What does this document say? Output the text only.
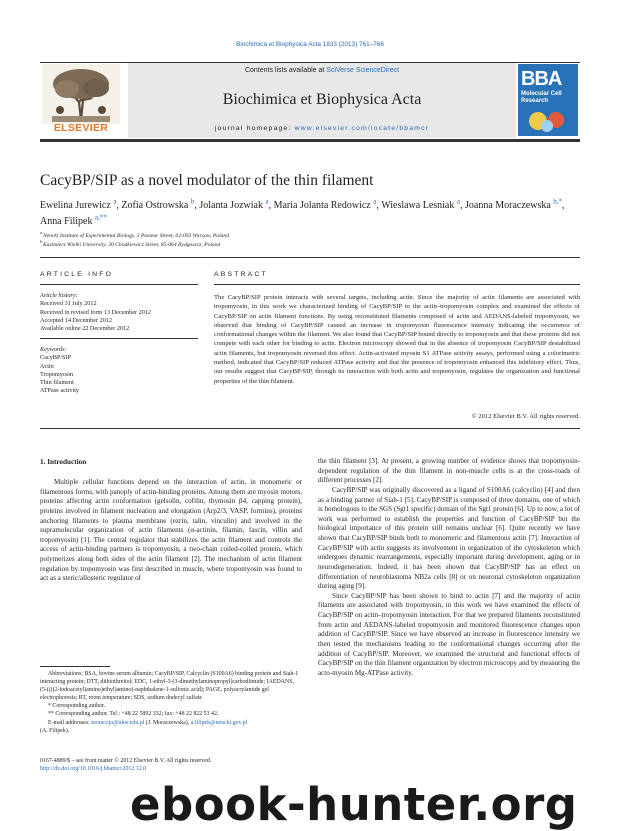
Biochimica et Biophysica Acta 1833 (2013) 761–766
ELSEVIER
Contents lists available at SciVerse ScienceDirect
Biochimica et Biophysica Acta
journal homepage: www.elsevier.com/locate/bbamcr
BBA
Molecular Cell Research
CacyBP/SIP as a novel modulator of the thin filament
Ewelina Jurewicz $^a$, Zofia Ostrowska $^b$, Jolanta Jozwiak $^a$, Maria Jolanta Redowicz $^a$, Wieslawa Lesniak $^a$, Joanna Moraczewska $^{b,*}$, Anna Filipek $^{a,**}$
$^a$ Nencki Institute of Experimental Biology, 3 Pasteur Street, 02-093 Warsaw, Poland
$^b$ Kazimierz Wielki University, 30 Chodkiewicz Street, 85-064 Bydgoszcz, Poland
ARTICLE INFO	ABSTRACT
Article history:
Received 31 July 2012
Received in revised form 13 December 2012
Accepted 14 December 2012
Available online 22 December 2012
Keywords:
CacyBP/SIP
Actin
Tropomyosin
Thin filament
ATPase activity
The CacyBP/SIP protein interacts with several targets, including actin. Since the majority of actin filaments are associated with tropomyosin, in this work we characterized binding of CacyBP/SIP to the actin–tropomyosin complex and examined the effects of CacyBP/SIP on actin filament functions. By using reconstituted filaments composed of actin and AEDANS-labeled tropomyosin, we observed that binding of CacyBP/SIP caused an increase in tropomyosin fluorescence intensity indicating the occurrence of conformational changes within the filament. We also found that CacyBP/SIP bound directly to tropomyosin and that these proteins did not compete with each other for binding to actin. Electron microscopy showed that in the absence of tropomyosin CacyBP/SIP destabilized actin filaments, but tropomyosin reversed this effect. Actin-activated myosin S1 ATPase activity assays, performed using a colorimetric method, indicated that CacyBP/SIP reduced ATPase activity and that the presence of tropomyosin enhanced this inhibitory effect. Thus, our results suggest that CacyBP/SIP, through its interaction with both actin and tropomyosin, regulates the organization and functional properties of the thin filament.
© 2012 Elsevier B.V. All rights reserved.
1. Introduction

Multiple cellular functions depend on the interaction of actin, in monomeric or filamentous forms, with panoply of actin-binding proteins. Among them are myosin motors, proteins affecting actin conformation (gelsolin, cofilin, thymosin β4, capping protein), proteins involved in filament nucleation and elongation (Arp2/3, VASP, formins), proteins anchoring filaments to plasma membrane (ezrin, talin, vinculin) and involved in the supramolecular organization of actin filaments (α-actinin, filamin, fascin, villin and tropomyosin) [1]. The central regulator that stabilizes the actin filament and controls the access of actin-binding partners is tropomyosin, a two-chain coiled-coiled protein, which polymerizes along both sides of the actin filament [2]. The mechanism of actin filament regulation by tropomyosin was first described in muscle, where tropomyosin was found to act as a steric/allosteric regulator of

the thin filament [3]. At present, a growing number of evidence shows that tropomyosin-dependent regulation of the thin filament in non-muscle cells is at the cross-roads of different processes [2].

CacyBP/SIP was originally discovered as a ligand of S100A6 (calcyclin) [4] and then as a binding partner of Siah-1 [5]. CacyBP/SIP is composed of three domains, one of which is homologous to the SGS (Sgt1 specific) domain of the Sgt1 protein [6]. Up to now, a lot of work was performed to establish the properties and function of CacyBP/SIP but the biological importance of this protein still remains unclear [6]. Quite recently we have shown that CacyBP/SIP binds both to monomeric and filamentous actin [7]. Interaction of CacyBP/SIP with actin suggests its involvement in organization of the cytoskeleton which undergoes dynamic rearrangements, especially important during development, aging or in neurodegeneration. Indeed, it has been shown that CacyBP/SIP has an effect on differentiation of neuroblastoma NB2a cells [8] or on neuronal cytoskeleton organization during aging [9].

Since CacyBP/SIP has been shown to bind to actin [7] and the majority of actin filaments are associated with tropomyosin, in this work we have examined the effects of CacyBP/SIP on actin–tropomyosin interaction. For that we prepared filaments reconstituted from actin and AEDANS-labeled tropomyosin and monitored fluorescence changes upon addition of CacyBP/SIP. Since we have observed an increase in fluorescence intensity we then tested the mechanisms leading to the conformational changes occurring after the addition of CacyBP/SIP. Moreover, we examined the structural and functional effects of CacyBP/SIP on the thin filament organization by electron microscopy and by measuring the acto-myosin Mg-ATPase activity.

Abbreviations: BSA, bovine serum albumin; CacyBP/SIP, Calcyclin (S100A6) binding protein and Siah-1 interacting protein; DTT, dithiothreitol; EDC, 1-ethyl-3-(3-dimethylaminopropyl)carbodiimide; IAEDANS, (5-((((2-iodoacetyl)amino)ethyl)amino)-naphthalene-1-sulfonic acid); PAGE, polyacrylamide gel electrophoresis; RT, room temperature; SDS, sodium dodecyl sulfate

* Corresponding author.

** Corresponding author. Tel.: +48 22 5892 332; fax: +48 22 822 53 42.

E-mail addresses: moraczjo@ukw.edu.pl (J. Moraczewska), a.filipek@nencki.gov.pl
(A. Filipek).

0167-4889/$ – see front matter © 2012 Elsevier B.V. All rights reserved.
http://dx.doi.org/10.1016/j.bbamcr.2012.12.0
ebook-hunter.org
